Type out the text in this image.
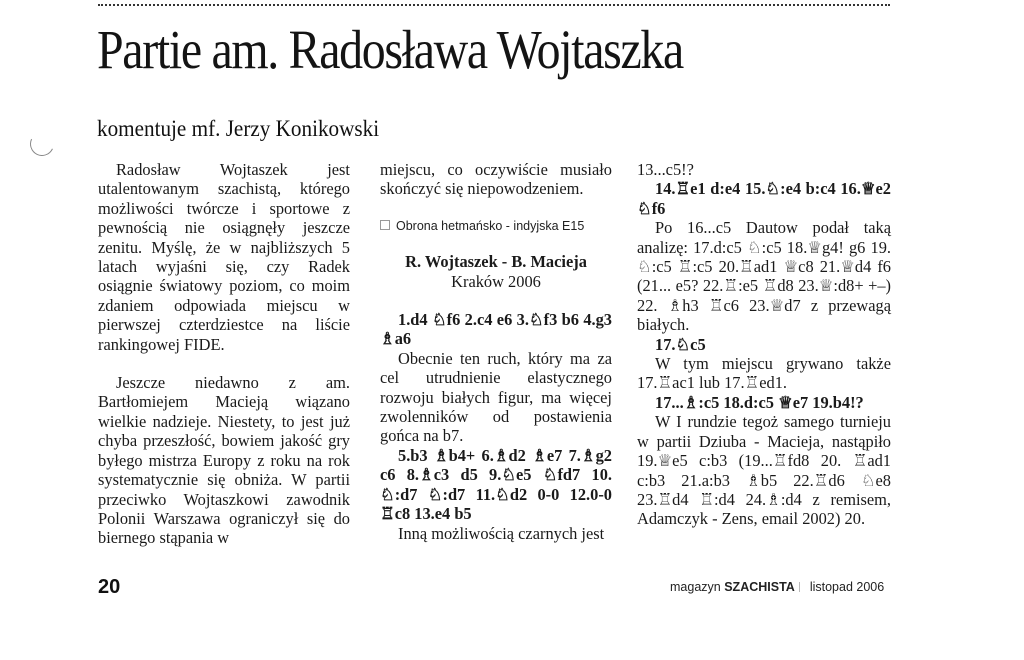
Partie am. Radosława Wojtaszka
komentuje mf. Jerzy Konikowski

Radosław Wojtaszek jest utalentowanym szachistą, którego możliwości twórcze i sportowe z pewnością nie osiągnęły jeszcze zenitu. Myślę, że w najbliższych 5 latach wyjaśni się, czy Radek osiągnie światowy poziom, co moim zdaniem odpowiada miejscu w pierwszej czterdziestce na liście rankingowej FIDE.

Jeszcze niedawno z am. Bartłomiejem Macieją wiązano wielkie nadzieje. Niestety, to jest już chyba przeszłość, bowiem jakość gry byłego mistrza Europy z roku na rok systematycznie się obniża. W partii przeciwko Wojtaszkowi zawodnik Polonii Warszawa ograniczył się do biernego stąpania w

miejscu, co oczywiście musiało skończyć się niepowodzeniem.

Obrona hetmańsko - indyjska E15

R. Wojtaszek - B. Macieja

Kraków 2006

1.d4 ♘f6 2.c4 e6 3.♘f3 b6 4.g3 ♗a6

Obecnie ten ruch, który ma za cel utrudnienie elastycznego rozwoju białych figur, ma więcej zwolenników od postawienia gońca na b7.

5.b3 ♗b4+ 6.♗d2 ♗e7 7.♗g2 c6 8.♗c3 d5 9.♘e5 ♘fd7 10. ♘:d7 ♘:d7 11.♘d2 0-0 12.0-0 ♖c8 13.e4 b5

Inną możliwością czarnych jest

13...c5!?

14.♖e1 d:e4 15.♘:e4 b:c4 16.♕e2 ♘f6

Po 16...c5 Dautow podał taką analizę: 17.d:c5 ♘:c5 18.♕g4! g6 19. ♘:c5 ♖:c5 20.♖ad1 ♕c8 21.♕d4 f6 (21... e5? 22.♖:e5 ♖d8 23.♕:d8+ +–) 22. ♗h3 ♖c6 23.♕d7 z przewagą białych.

17.♘c5

W tym miejscu grywano także 17.♖ac1 lub 17.♖ed1.

17...♗:c5 18.d:c5 ♕e7 19.b4!?

W I rundzie tegoż samego turnieju w partii Dziuba - Macieja, nastąpiło 19.♕e5 c:b3 (19...♖fd8 20. ♖ad1 c:b3 21.a:b3 ♗b5 22.♖d6 ♘e8 23.♖d4 ♖:d4 24.♗:d4 z remisem, Adamczyk - Zens, email 2002) 20.

20	magazyn SZACHISTA listopad 2006
